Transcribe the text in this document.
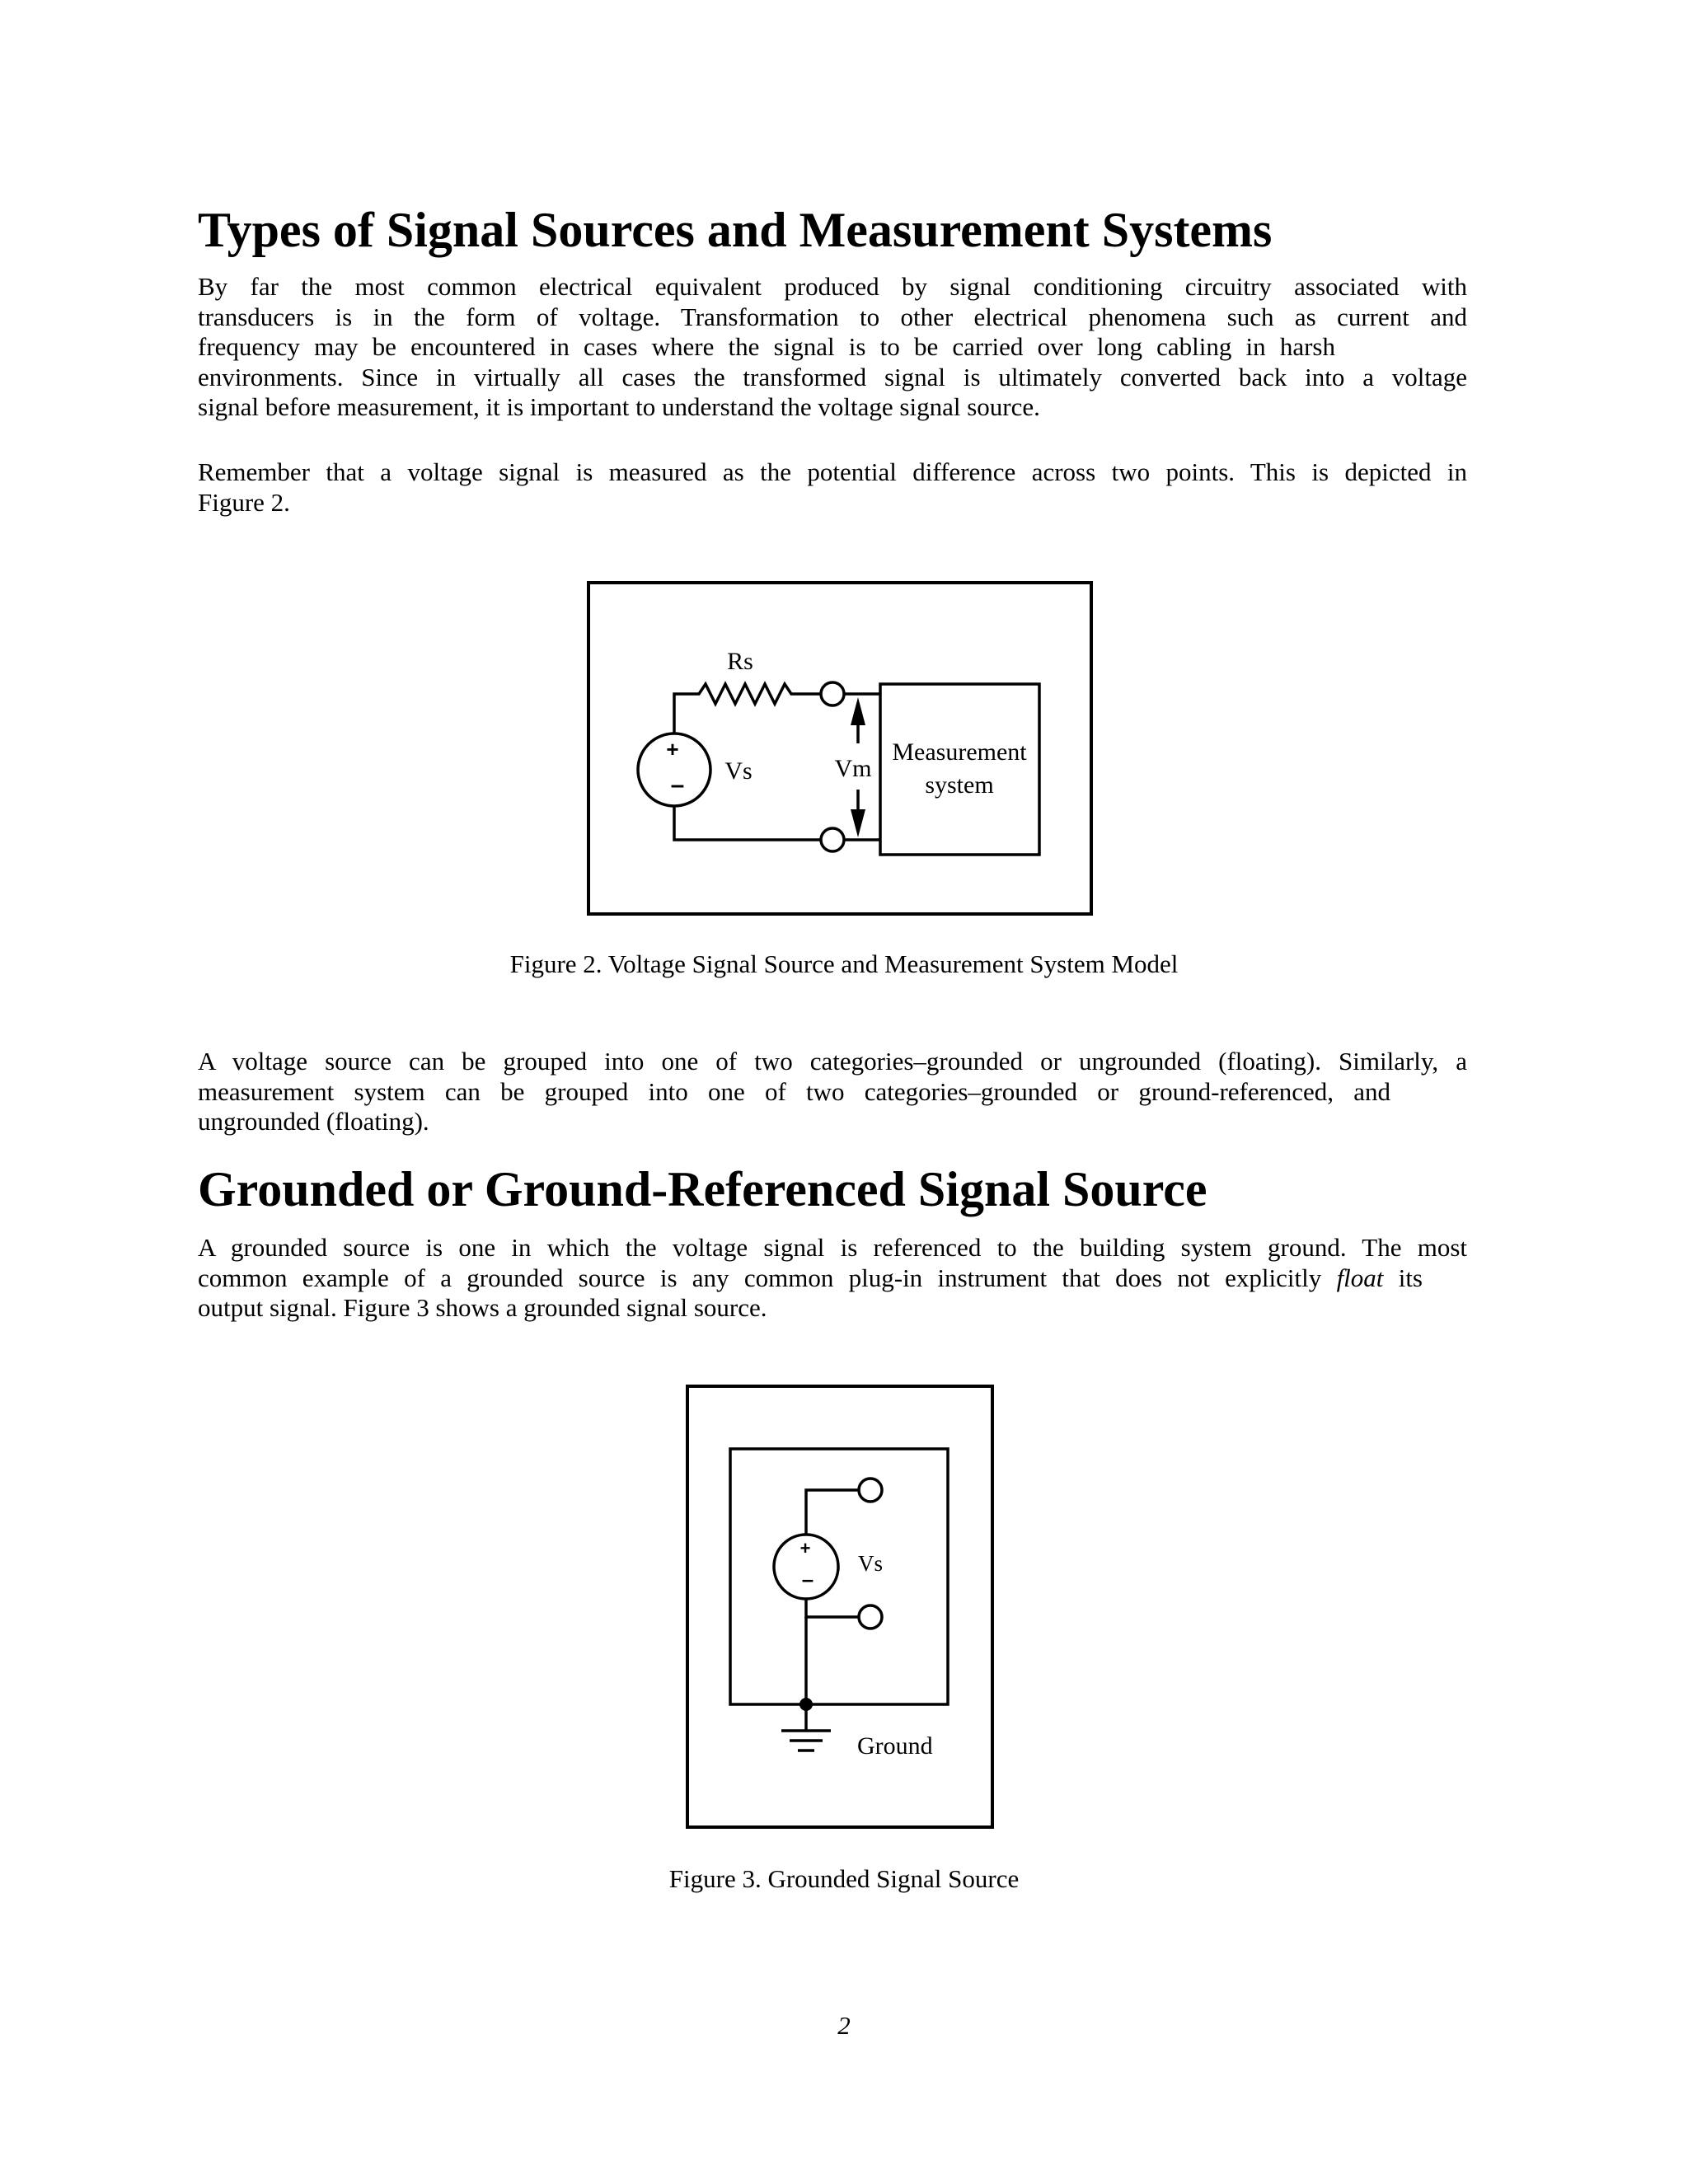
Types of Signal Sources and Measurement Systems
By far the most common electrical equivalent produced by signal conditioning circuitry associated with
transducers is in the form of voltage. Transformation to other electrical phenomena such as current and
frequency may be encountered in cases where the signal is to be carried over long cabling in harsh
environments. Since in virtually all cases the transformed signal is ultimately converted back into a voltage
signal before measurement, it is important to understand the voltage signal source.
Remember that a voltage signal is measured as the potential difference across two points. This is depicted in
Figure 2.
+
–
Rs
Vs	Vm
Measurement
system

Figure 2. Voltage Signal Source and Measurement System Model

A voltage source can be grouped into one of two categories–grounded or ungrounded (floating). Similarly, a
measurement system can be grouped into one of two categories–grounded or ground-referenced, and
ungrounded (floating).
Grounded or Ground-Referenced Signal Source
A grounded source is one in which the voltage signal is referenced to the building system ground. The most
common example of a grounded source is any common plug-in instrument that does not explicitly float its
output signal. Figure 3 shows a grounded signal source.
+
–
Vs
Ground

Figure 3. Grounded Signal Source

2
